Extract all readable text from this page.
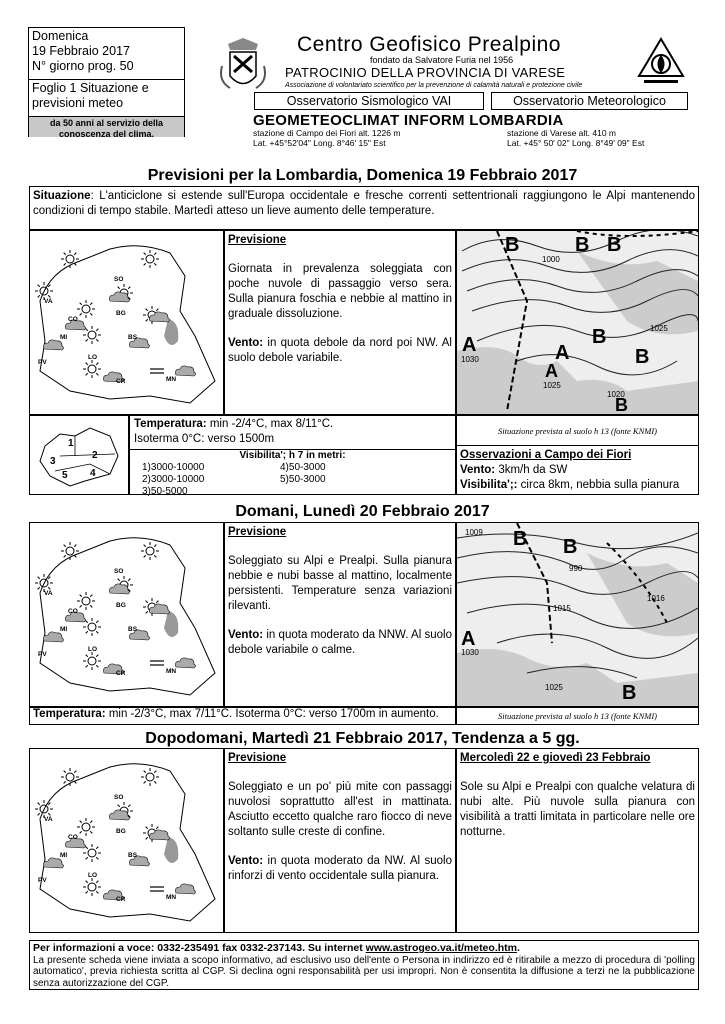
Domenica
19 Febbraio 2017
N° giorno prog. 50
Foglio 1 Situazione e previsioni meteo
da 50 anni al servizio della conoscenza del clima.
Centro Geofisico Prealpino
fondato da Salvatore Furia nel 1956
PATROCINIO DELLA PROVINCIA DI VARESE
Associazione di volontariato scientifico per la prevenzione di calamità naturali e protezione civile
Osservatorio Sismologico VAI	Osservatorio Meteorologico
GEOMETEOCLIMAT INFORM LOMBARDIA
stazione di Campo dei Fiori alt. 1226 m
Lat. +45°52'04" Long. 8°46' 15" Est
stazione di Varese alt. 410 m
Lat. +45° 50' 02" Long. 8°49' 09" Est
Previsioni per la Lombardia, Domenica 19 Febbraio 2017
Situazione: L'anticiclone si estende sull'Europa occidentale e fresche correnti settentrionali raggiungono le Alpi mantenendo condizioni di tempo stabile. Martedì atteso un lieve aumento delle temperature.
SO
VA
CO
BG
MI	BS
LO
PV
CR	MN
Previsione
Giornata in prevalenza soleggiata con poche nuvole di passaggio verso sera. Sulla pianura foschia e nebbie al mattino in graduale dissoluzione.
Vento: in quota debole da nord poi NW. Al suolo debole variabile.
B	B B
B
B
B
A	A
A
1000
1025
1030
1025
1020
1
2
3
4
5
Temperatura: min -2/4°C, max 8/11°C.
Isoterma 0°C: verso 1500m
Visibilita'; h 7 in metri:
1)3000-10000
2)3000-10000
3)50-5000
4)50-3000
5)50-3000
Situazione prevista al suolo h 13 (fonte KNMI)
Osservazioni a Campo dei Fiori
Vento: 3km/h da SW
Visibilita';: circa 8km, nebbia sulla pianura
Domani, Lunedì 20 Febbraio 2017
SO
VA
CO
BG
MI	BS
LO
PV
CR	MN
Previsione
Soleggiato su Alpi e Prealpi. Sulla pianura nebbie e nubi basse al mattino, localmente persistenti. Temperature senza variazioni rilevanti.
Vento: in quota moderato da NNW. Al suolo debole variabile o calme.
B B
B
A
1009
990
1015
1016
1030
1025
Temperatura: min -2/3°C, max 7/11°C. Isoterma 0°C: verso 1700m in aumento.	Situazione prevista al suolo h 13 (fonte KNMI)
Dopodomani, Martedì 21 Febbraio 2017, Tendenza a 5 gg.
SO
VA
CO
BG
MI	BS
LO
PV
CR	MN
Previsione
Soleggiato e un po' più mite con passaggi nuvolosi soprattutto all'est in mattinata. Asciutto eccetto qualche raro fiocco di neve soltanto sulle creste di confine.
Vento: in quota moderato da NW. Al suolo rinforzi di vento occidentale sulla pianura.
Mercoledì 22 e giovedì 23 Febbraio
Sole su Alpi e Prealpi con qualche velatura di nubi alte. Più nuvole sulla pianura con visibilità a tratti limitata in particolare nelle ore notturne.
Per informazioni a voce: 0332-235491 fax 0332-237143. Su internet www.astrogeo.va.it/meteo.htm.
La presente scheda viene inviata a scopo informativo, ad esclusivo uso dell'ente o Persona in indirizzo ed è ritirabile a mezzo di procedura di 'polling automatico', previa richiesta scritta al CGP. Si declina ogni responsabilità per usi impropri. Non è consentita la diffusione a terzi ne la pubblicazione senza autorizzazione del CGP.
